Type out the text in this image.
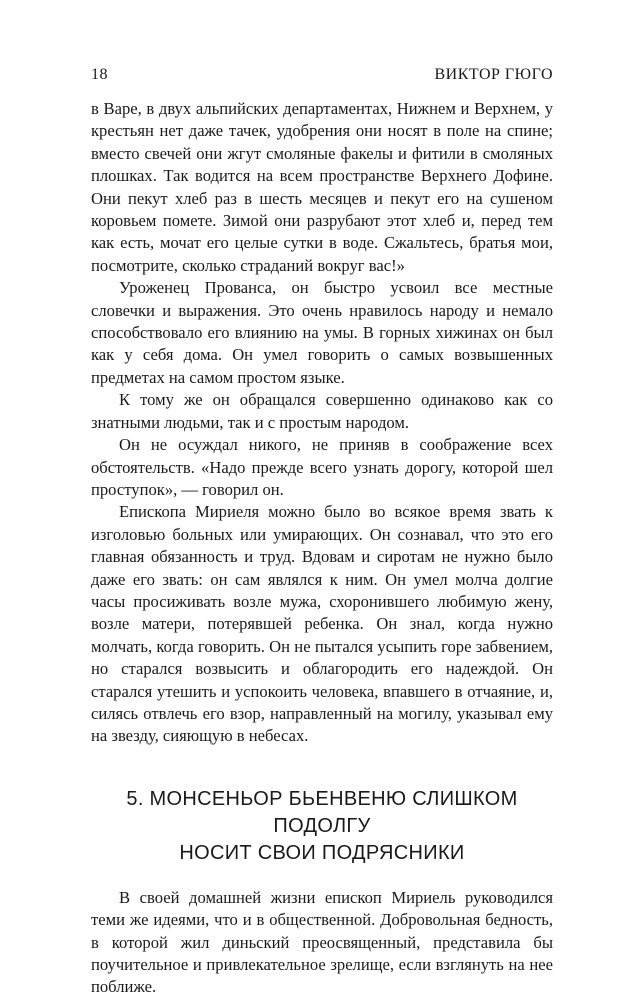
18	ВИКТОР ГЮГО

в Варе, в двух альпийских департаментах, Нижнем и Верхнем, у крестьян нет даже тачек, удобрения они носят в поле на спине; вместо свечей они жгут смоляные факелы и фитили в смоляных плошках. Так водится на всем пространстве Верхнего Дофине. Они пекут хлеб раз в шесть месяцев и пекут его на сушеном коровьем помете. Зимой они разрубают этот хлеб и, перед тем как есть, мочат его целые сутки в воде. Сжальтесь, братья мои, посмотрите, сколько страданий вокруг вас!»

Уроженец Прованса, он быстро усвоил все местные словечки и выражения. Это очень нравилось народу и немало способствовало его влиянию на умы. В горных хижинах он был как у себя дома. Он умел говорить о самых возвышенных предметах на самом простом языке.

К тому же он обращался совершенно одинаково как со знатными людьми, так и с простым народом.

Он не осуждал никого, не приняв в соображение всех обстоятельств. «Надо прежде всего узнать дорогу, которой шел проступок», — говорил он.

Епископа Мириеля можно было во всякое время звать к изголовью больных или умирающих. Он сознавал, что это его главная обязанность и труд. Вдовам и сиротам не нужно было даже его звать: он сам являлся к ним. Он умел молча долгие часы просиживать возле мужа, схоронившего любимую жену, возле матери, потерявшей ребенка. Он знал, когда нужно молчать, когда говорить. Он не пытался усыпить горе забвением, но старался возвысить и облагородить его надеждой. Он старался утешить и успокоить человека, впавшего в отчаяние, и, силясь отвлечь его взор, направленный на могилу, указывал ему на звезду, сияющую в небесах.

5. МОНСЕНЬОР БЬЕНВЕНЮ СЛИШКОМ ПОДОЛГУ
НОСИТ СВОИ ПОДРЯСНИКИ

В своей домашней жизни епископ Мириель руководился теми же идеями, что и в общественной. Добровольная бедность, в которой жил диньский преосвященный, представила бы поучительное и привлекательное зрелище, если взглянуть на нее поближе.
